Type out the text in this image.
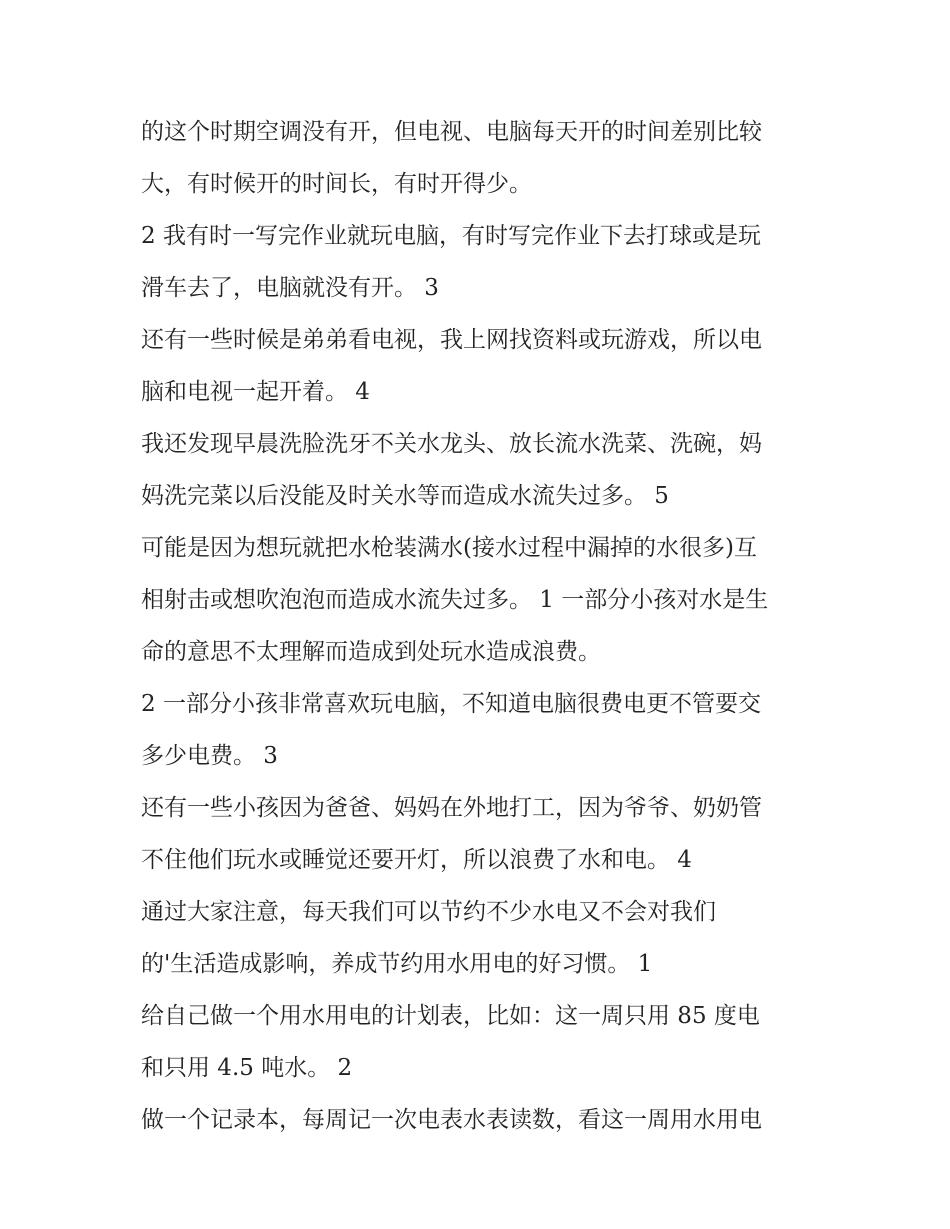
的这个时期空调没有开，但电视、电脑每天开的时间差别比较
大，有时候开的时间长，有时开得少。
2 我有时一写完作业就玩电脑，有时写完作业下去打球或是玩
滑车去了，电脑就没有开。 3
还有一些时候是弟弟看电视，我上网找资料或玩游戏，所以电
脑和电视一起开着。 4
我还发现早晨洗脸洗牙不关水龙头、放长流水洗菜、洗碗，妈
妈洗完菜以后没能及时关水等而造成水流失过多。 5
可能是因为想玩就把水枪装满水(接水过程中漏掉的水很多)互
相射击或想吹泡泡而造成水流失过多。 1 一部分小孩对水是生
命的意思不太理解而造成到处玩水造成浪费。
2 一部分小孩非常喜欢玩电脑，不知道电脑很费电更不管要交
多少电费。 3
还有一些小孩因为爸爸、妈妈在外地打工，因为爷爷、奶奶管
不住他们玩水或睡觉还要开灯，所以浪费了水和电。 4
通过大家注意，每天我们可以节约不少水电又不会对我们
的'生活造成影响，养成节约用水用电的好习惯。 1
给自己做一个用水用电的计划表，比如：这一周只用 85 度电
和只用 4.5 吨水。 2
做一个记录本，每周记一次电表水表读数，看这一周用水用电
